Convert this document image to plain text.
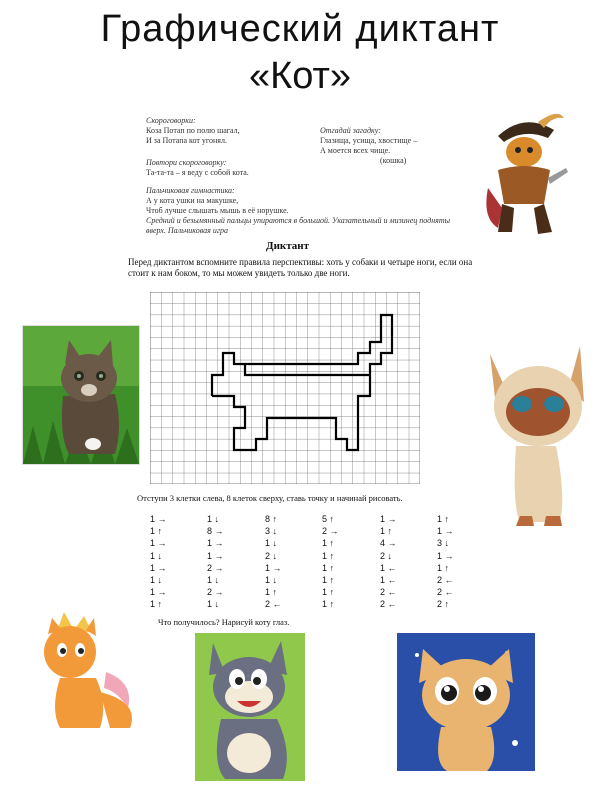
Графический диктант
«Кот»
Скороговорки:
Коза Потап по полю шагал,
И за Потапа кот угонял.
Отгадай загадку:
Глазища, усища, хвостище –
А моется всех чище.
(кошка)
Повтори скороговорку:
Та-та-та – я веду с собой кота.
Пальчиковая гимнастика:
А у кота ушки на макушке,
Чтоб лучше слышать мышь в её норушке.
Средний и безымянный пальцы упираются в большой. Указательный и мизинец подняты
вверх. Пальчиковая игра
Диктант
Перед диктантом вспомните правила перспективы: хоть у собаки и четыре ноги, если она стоит к нам боком, то мы можем увидеть только две ноги.
Отступи 3 клетки слева, 8 клеток сверху, ставь точку и начинай рисовать.
1 →
1 ↑
1 →
1 ↓
1 →
1 ↓
1 →
1 ↑
1 ↓
8 →
1 →
1 →
2 →
1 ↓
2 →
1 ↓
8 ↑
3 ↓
1 ↓
2 ↓
1 →
1 ↓
1 ↑
2 ←
5 ↑
2 →
1 ↑
1 ↑
1 ↑
1 ↑
1 ↑
1 ↑
1 →
1 ↑
4 →
2 ↓
1 ←
1 ←
2 ←
2 ←
1 ↑
1 →
3 ↓
1 →
1 ↑
2 ←
2 ←
2 ↑
Что получилось? Нарисуй коту глаз.
